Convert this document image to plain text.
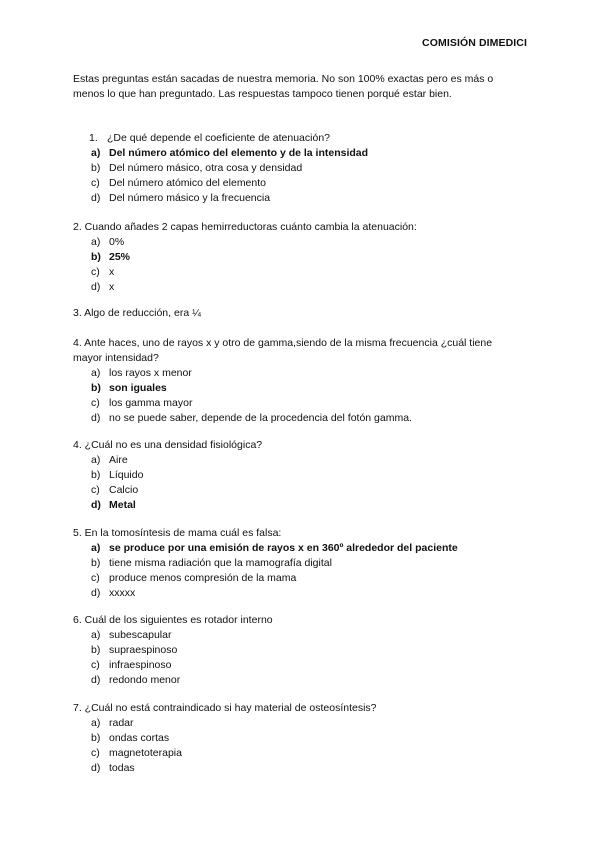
COMISIÓN DIMEDICI
Estas preguntas están sacadas de nuestra memoria. No son 100% exactas pero es más o
menos lo que han preguntado. Las respuestas tampoco tienen porqué estar bien.
1. ¿De qué depende el coeficiente de atenuación?
a) Del número atómico del elemento y de la intensidad
b) Del número másico, otra cosa y densidad
c) Del número atómico del elemento
d) Del número másico y la frecuencia
2. Cuando añades 2 capas hemirreductoras cuánto cambia la atenuación:
a) 0%
b) 25%
c) x
d) x
3. Algo de reducción, era ¼
4. Ante haces, uno de rayos x y otro de gamma,siendo de la misma frecuencia ¿cuál tiene
mayor intensidad?
a) los rayos x menor
b) son iguales
c) los gamma mayor
d) no se puede saber, depende de la procedencia del fotón gamma.
4. ¿Cuál no es una densidad fisiológica?
a) Aire
b) Líquido
c) Calcio
d) Metal
5. En la tomosíntesis de mama cuál es falsa:
a) se produce por una emisión de rayos x en 360º alrededor del paciente
b) tiene misma radiación que la mamografía digital
c) produce menos compresión de la mama
d) xxxxx
6. Cuál de los siguientes es rotador interno
a) subescapular
b) supraespinoso
c) infraespinoso
d) redondo menor
7. ¿Cuál no está contraindicado si hay material de osteosíntesis?
a) radar
b) ondas cortas
c) magnetoterapia
d) todas
